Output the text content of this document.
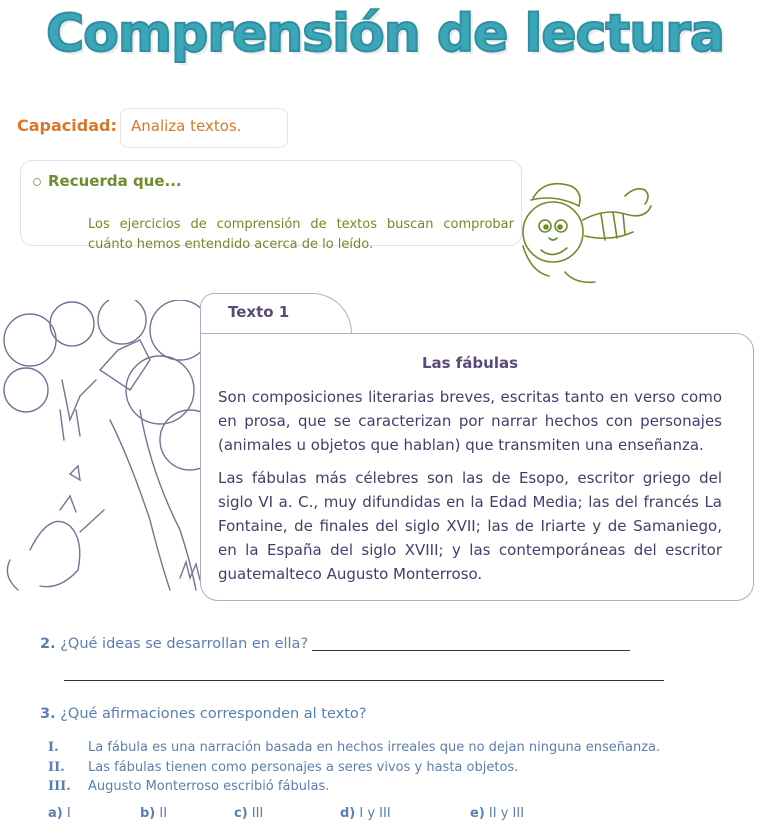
Comprensión de lectura
Capacidad: Analiza textos.
Recuerda que...
Los ejercicios de comprensión de textos buscan comprobar cuánto hemos entendido acerca de lo leído.
Texto 1
Las fábulas

Son composiciones literarias breves, escritas tanto en verso como en prosa, que se caracterizan por narrar hechos con personajes (animales u objetos que hablan) que transmiten una enseñanza.

Las fábulas más célebres son las de Esopo, escritor griego del siglo VI a. C., muy difundidas en la Edad Media; las del francés La Fontaine, de finales del siglo XVII; las de Iriarte y de Samaniego, en la España del siglo XVIII; y las contemporáneas del escritor guatemalteco Augusto Monterroso.

2. ¿Qué ideas se desarrollan en ella?
3. ¿Qué afirmaciones corresponden al texto?
I. La fábula es una narración basada en hechos irreales que no dejan ninguna enseñanza.
II. Las fábulas tienen como personajes a seres vivos y hasta objetos.
III. Augusto Monterroso escribió fábulas.
a) I	b) II	c) III	d) I y III	e) II y III
